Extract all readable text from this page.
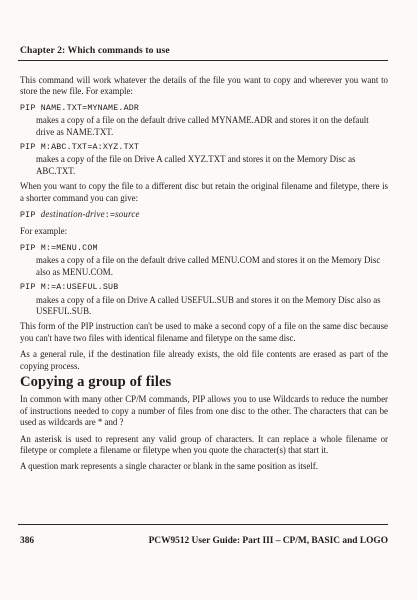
Chapter 2: Which commands to use

This command will work whatever the details of the file you want to copy and wherever you want to store the new file. For example:

PIP NAME.TXT=MYNAME.ADR

makes a copy of a file on the default drive called MYNAME.ADR and stores it on the default drive as NAME.TXT.

PIP M:ABC.TXT=A:XYZ.TXT

makes a copy of the file on Drive A called XYZ.TXT and stores it on the Memory Disc as ABC.TXT.

When you want to copy the file to a different disc but retain the original filename and filetype, there is a shorter command you can give:

PIP destination-drive:=source

For example:

PIP M:=MENU.COM

makes a copy of a file on the default drive called MENU.COM and stores it on the Memory Disc also as MENU.COM.

PIP M:=A:USEFUL.SUB

makes a copy of a file on Drive A called USEFUL.SUB and stores it on the Memory Disc also as USEFUL.SUB.

This form of the PIP instruction can't be used to make a second copy of a file on the same disc because you can't have two files with identical filename and filetype on the same disc.

As a general rule, if the destination file already exists, the old file contents are erased as part of the copying process.

Copying a group of files

In common with many other CP/M commands, PIP allows you to use Wildcards to reduce the number of instructions needed to copy a number of files from one disc to the other. The characters that can be used as wildcards are * and ?

An asterisk is used to represent any valid group of characters. It can replace a whole filename or filetype or complete a filename or filetype when you quote the character(s) that start it.

A question mark represents a single character or blank in the same position as itself.

386	PCW9512 User Guide: Part III – CP/M, BASIC and LOGO
